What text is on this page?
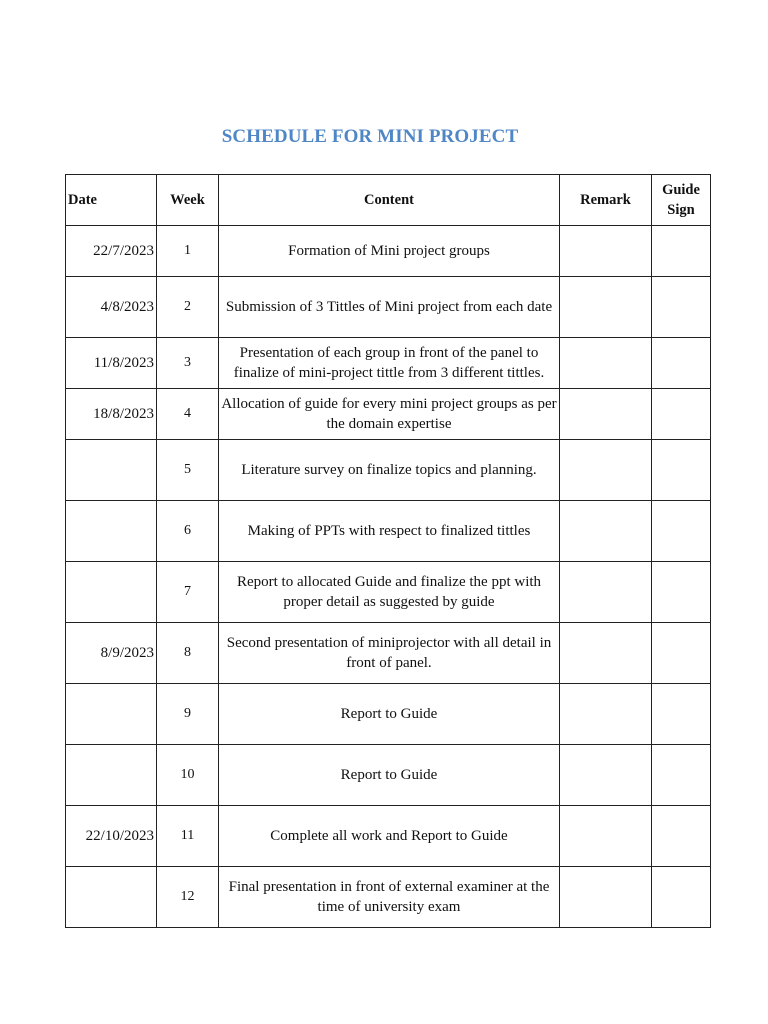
SCHEDULE FOR MINI PROJECT
Date	Week	Content	Remark	Guide
Sign
22/7/2023	1	Formation of Mini project groups		
4/8/2023	2	Submission of 3 Tittles of Mini project from each date		
11/8/2023	3	Presentation of each group in front of the panel to finalize of mini-project tittle from 3 different tittles.		
18/8/2023	4	Allocation of guide for every mini project groups as per the domain expertise		
	5	Literature survey on finalize topics and planning.		
	6	Making of PPTs with respect to finalized tittles		
	7	Report to allocated Guide and finalize the ppt with proper detail as suggested by guide		
8/9/2023	8	Second presentation of miniprojector with all detail in front of panel.		
	9	Report to Guide		
	10	Report to Guide		
22/10/2023	11	Complete all work and Report to Guide		
	12	Final presentation in front of external examiner at the time of university exam		
